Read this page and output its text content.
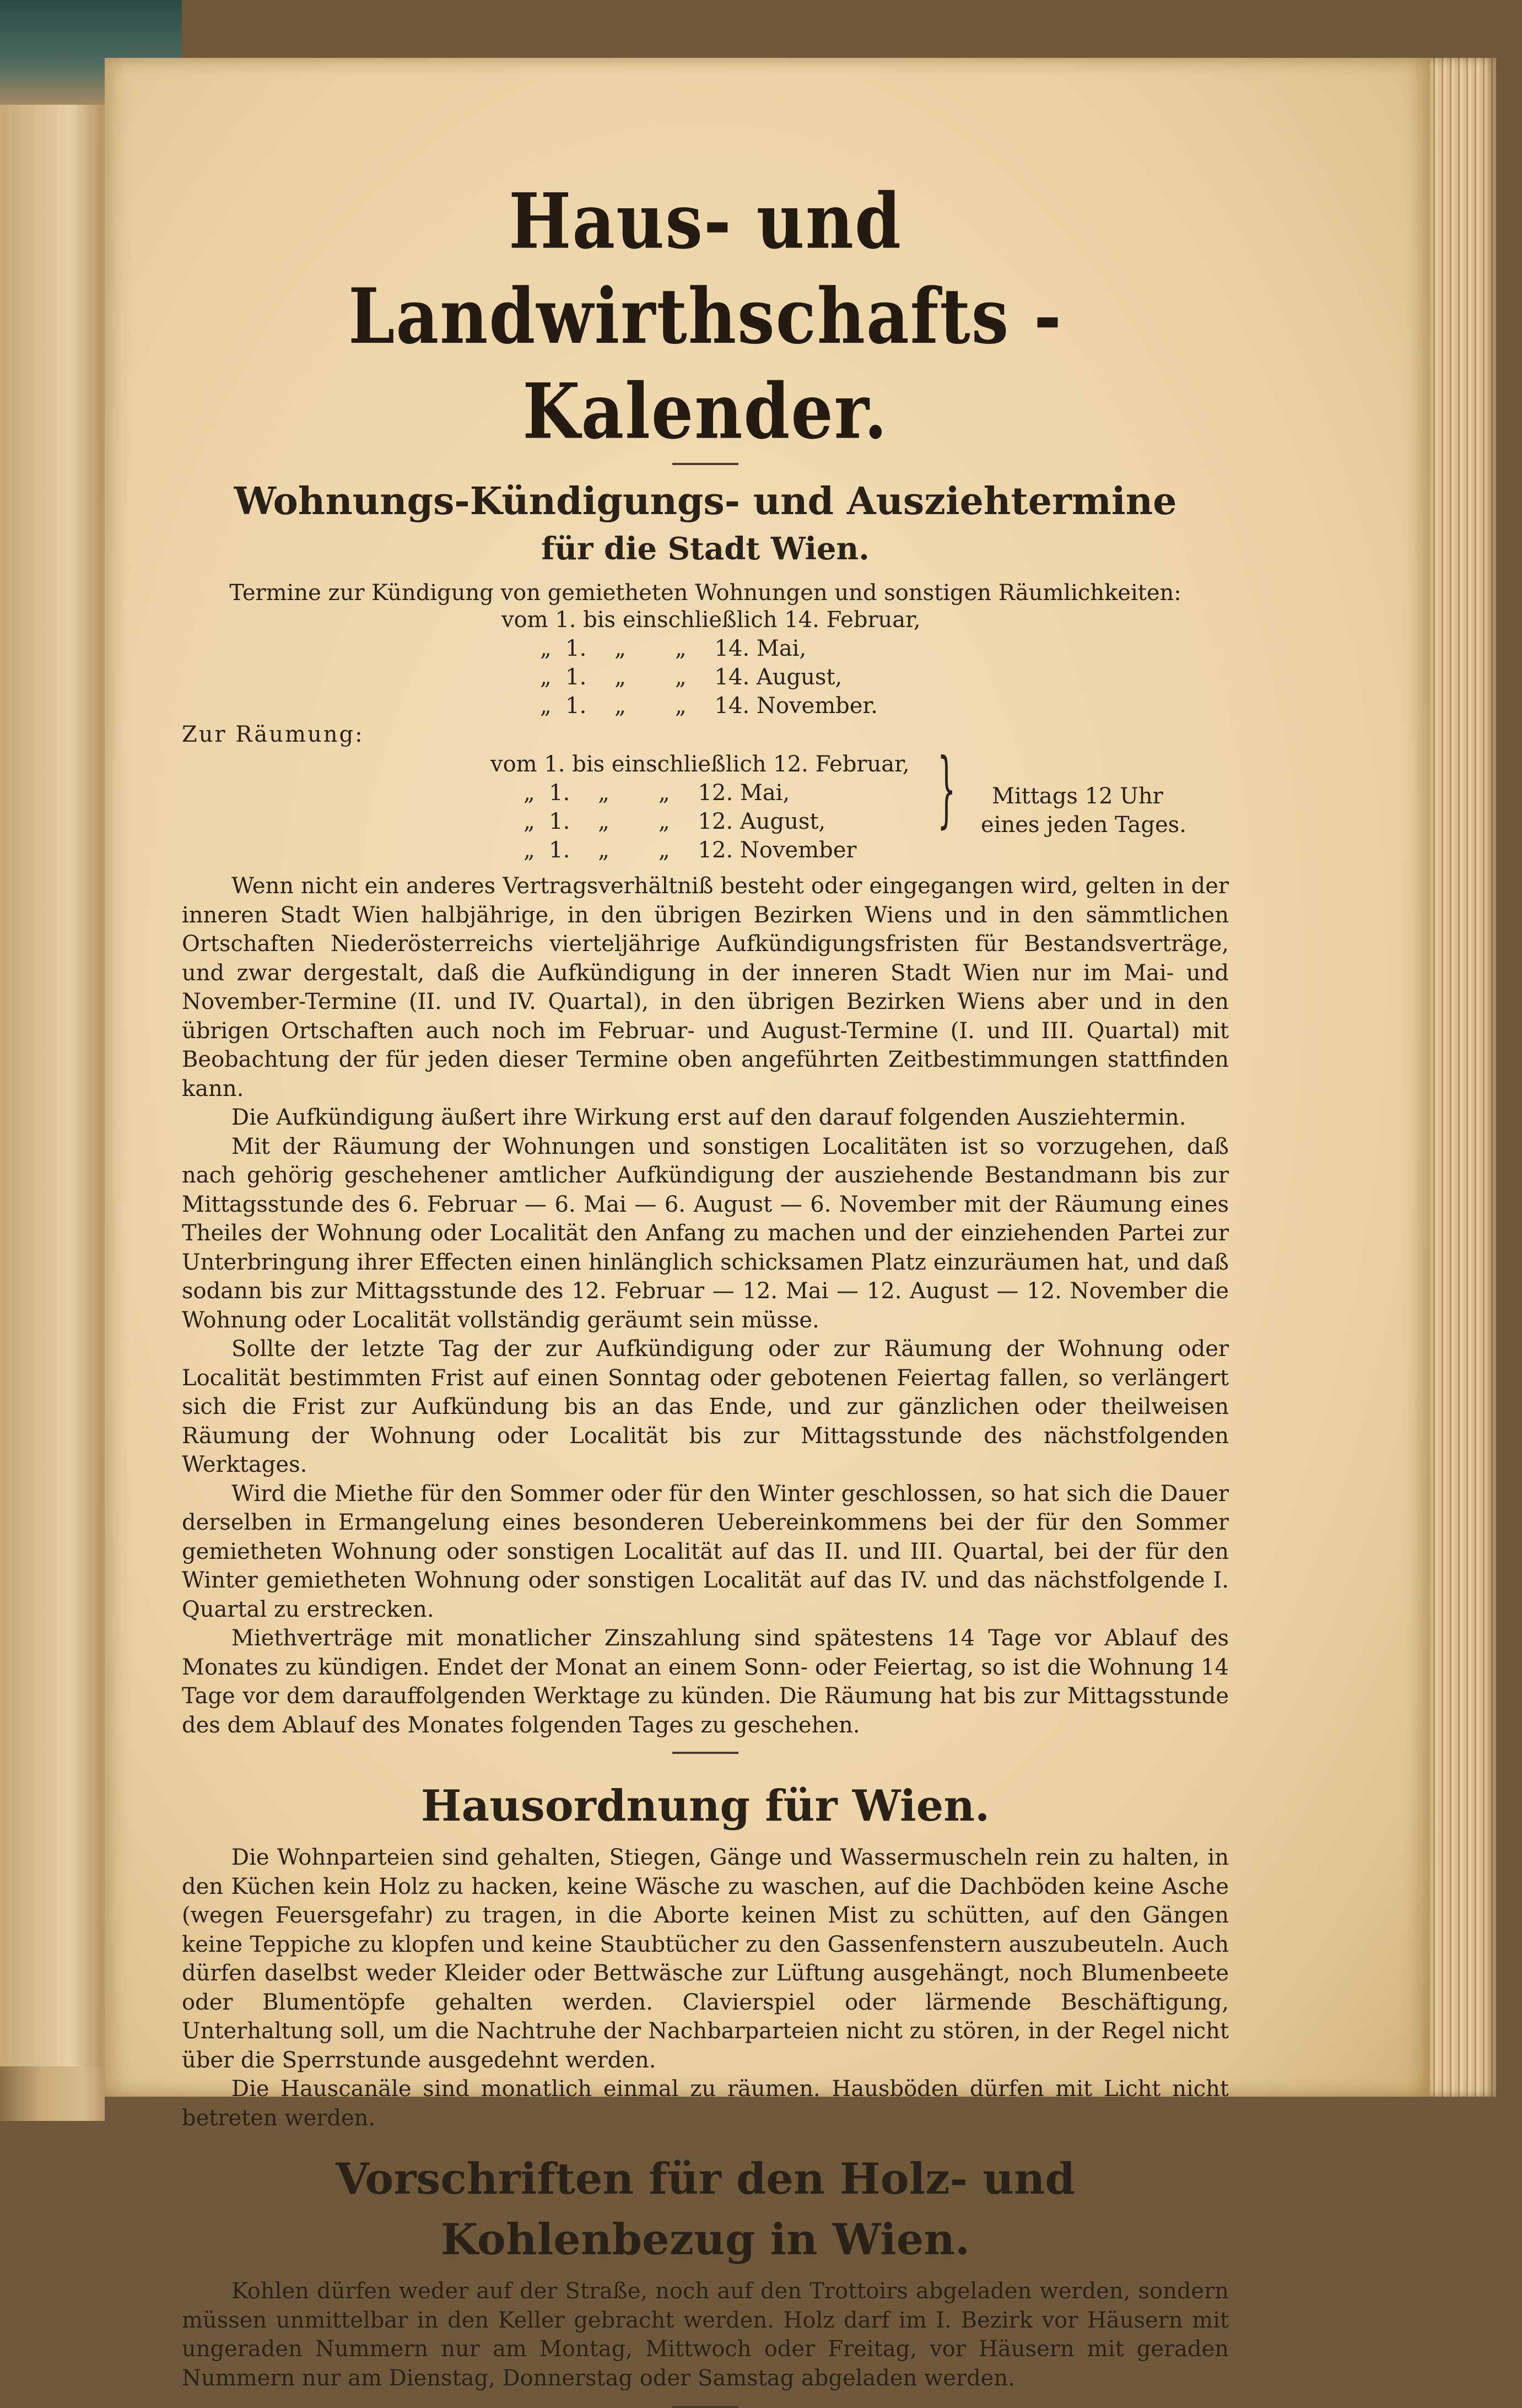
Haus- und Landwirthschafts - Kalender.

Wohnungs-Kündigungs- und Ausziehtermine

für die Stadt Wien.

Termine zur Kündigung von gemietheten Wohnungen und sonstigen Räumlichkeiten:

vom 1. bis einschließlich 14. Februar,
„ 1. „ „ 14. Mai,
„ 1. „ „ 14. August,
„ 1. „ „ 14. November.
Zur Räumung:
vom 1. bis einschließlich 12. Februar,
„ 1. „ „ 12. Mai,
„ 1. „ „ 12. August,
„ 1. „ „ 12. November
} Mittags 12 Uhr
eines jeden Tages.

Wenn nicht ein anderes Vertragsverhältniß besteht oder eingegangen wird, gelten in der inneren Stadt Wien halbjährige, in den übrigen Bezirken Wiens und in den sämmtlichen Ortschaften Niederösterreichs vierteljährige Aufkündigungsfristen für Bestandsverträge, und zwar dergestalt, daß die Aufkündigung in der inneren Stadt Wien nur im Mai- und November-Termine (II. und IV. Quartal), in den übrigen Bezirken Wiens aber und in den übrigen Ortschaften auch noch im Februar- und August-Termine (I. und III. Quartal) mit Beobachtung der für jeden dieser Termine oben angeführten Zeitbestimmungen stattfinden kann.

Die Aufkündigung äußert ihre Wirkung erst auf den darauf folgenden Ausziehtermin.

Mit der Räumung der Wohnungen und sonstigen Localitäten ist so vorzugehen, daß nach gehörig geschehener amtlicher Aufkündigung der ausziehende Bestandmann bis zur Mittagsstunde des 6. Februar — 6. Mai — 6. August — 6. November mit der Räumung eines Theiles der Wohnung oder Localität den Anfang zu machen und der einziehenden Partei zur Unterbringung ihrer Effecten einen hinlänglich schicksamen Platz einzuräumen hat, und daß sodann bis zur Mittagsstunde des 12. Februar — 12. Mai — 12. August — 12. November die Wohnung oder Localität vollständig geräumt sein müsse.

Sollte der letzte Tag der zur Aufkündigung oder zur Räumung der Wohnung oder Localität bestimmten Frist auf einen Sonntag oder gebotenen Feiertag fallen, so verlängert sich die Frist zur Aufkündung bis an das Ende, und zur gänzlichen oder theilweisen Räumung der Wohnung oder Localität bis zur Mittagsstunde des nächstfolgenden Werktages.

Wird die Miethe für den Sommer oder für den Winter geschlossen, so hat sich die Dauer derselben in Ermangelung eines besonderen Uebereinkommens bei der für den Sommer gemietheten Wohnung oder sonstigen Localität auf das II. und III. Quartal, bei der für den Winter gemietheten Wohnung oder sonstigen Localität auf das IV. und das nächstfolgende I. Quartal zu erstrecken.

Miethverträge mit monatlicher Zinszahlung sind spätestens 14 Tage vor Ablauf des Monates zu kündigen. Endet der Monat an einem Sonn- oder Feiertag, so ist die Wohnung 14 Tage vor dem darauffolgenden Werktage zu künden. Die Räumung hat bis zur Mittagsstunde des dem Ablauf des Monates folgenden Tages zu geschehen.

Hausordnung für Wien.

Die Wohnparteien sind gehalten, Stiegen, Gänge und Wassermuscheln rein zu halten, in den Küchen kein Holz zu hacken, keine Wäsche zu waschen, auf die Dachböden keine Asche (wegen Feuersgefahr) zu tragen, in die Aborte keinen Mist zu schütten, auf den Gängen keine Teppiche zu klopfen und keine Staubtücher zu den Gassenfenstern auszubeuteln. Auch dürfen daselbst weder Kleider oder Bettwäsche zur Lüftung ausgehängt, noch Blumenbeete oder Blumentöpfe gehalten werden. Clavierspiel oder lärmende Beschäftigung, Unterhaltung soll, um die Nachtruhe der Nachbarparteien nicht zu stören, in der Regel nicht über die Sperrstunde ausgedehnt werden.

Die Hauscanäle sind monatlich einmal zu räumen. Hausböden dürfen mit Licht nicht betreten werden.

Vorschriften für den Holz- und Kohlenbezug in Wien.

Kohlen dürfen weder auf der Straße, noch auf den Trottoirs abgeladen werden, sondern müssen unmittelbar in den Keller gebracht werden. Holz darf im I. Bezirk vor Häusern mit ungeraden Nummern nur am Montag, Mittwoch oder Freitag, vor Häusern mit geraden Nummern nur am Dienstag, Donnerstag oder Samstag abgeladen werden.
